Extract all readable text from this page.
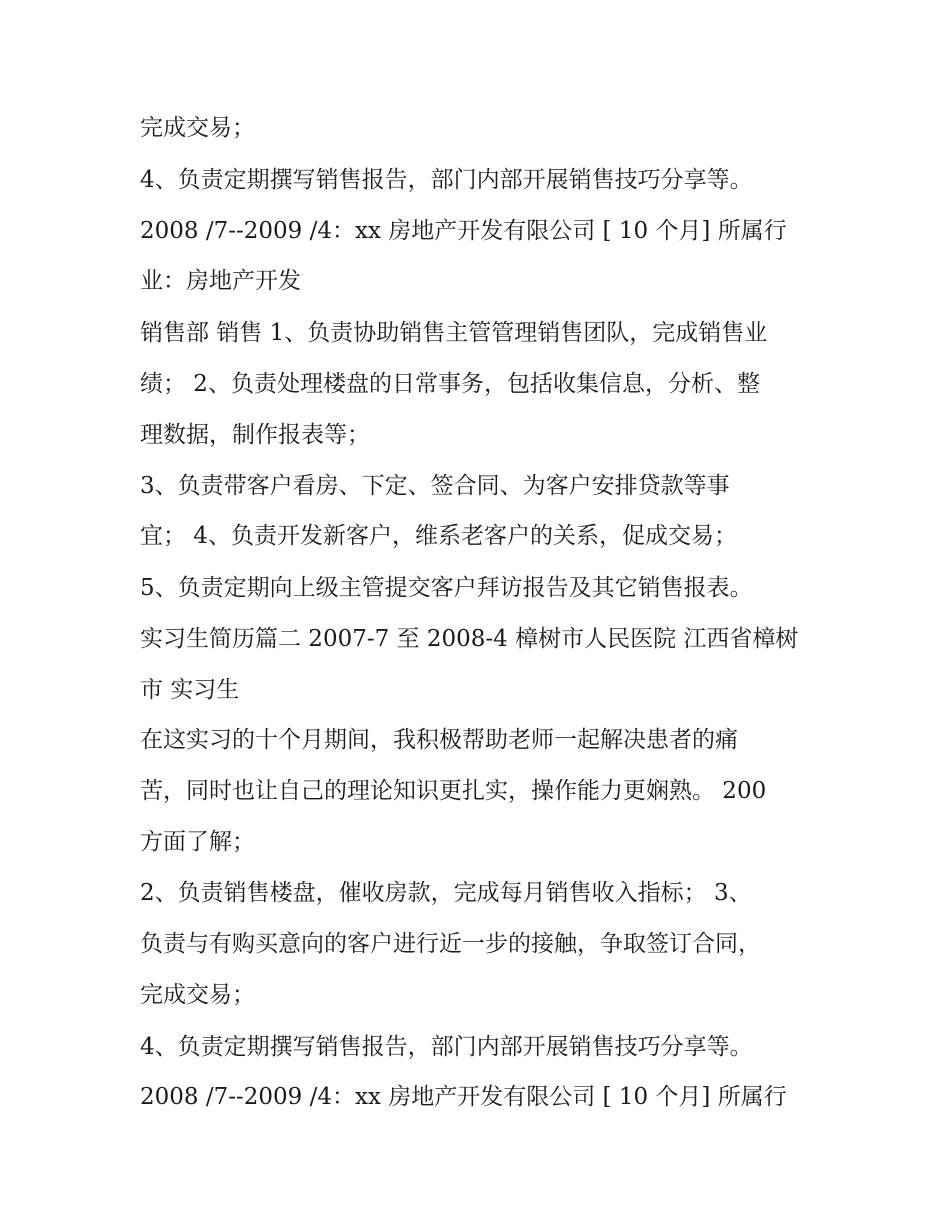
完成交易；
4、负责定期撰写销售报告，部门内部开展销售技巧分享等。
2008 /7--2009 /4：xx 房地产开发有限公司 [ 10 个月] 所属行
业：房地产开发
销售部 销售 1、负责协助销售主管管理销售团队，完成销售业
绩； 2、负责处理楼盘的日常事务，包括收集信息，分析、整
理数据，制作报表等；
3、负责带客户看房、下定、签合同、为客户安排贷款等事
宜； 4、负责开发新客户，维系老客户的关系，促成交易；
5、负责定期向上级主管提交客户拜访报告及其它销售报表。
实习生简历篇二 2007-7 至 2008-4 樟树市人民医院 江西省樟树
市 实习生
在这实习的十个月期间，我积极帮助老师一起解决患者的痛
苦，同时也让自己的理论知识更扎实，操作能力更娴熟。 200
方面了解；
2、负责销售楼盘，催收房款，完成每月销售收入指标； 3、
负责与有购买意向的客户进行近一步的接触，争取签订合同，
完成交易；
4、负责定期撰写销售报告，部门内部开展销售技巧分享等。
2008 /7--2009 /4：xx 房地产开发有限公司 [ 10 个月] 所属行
